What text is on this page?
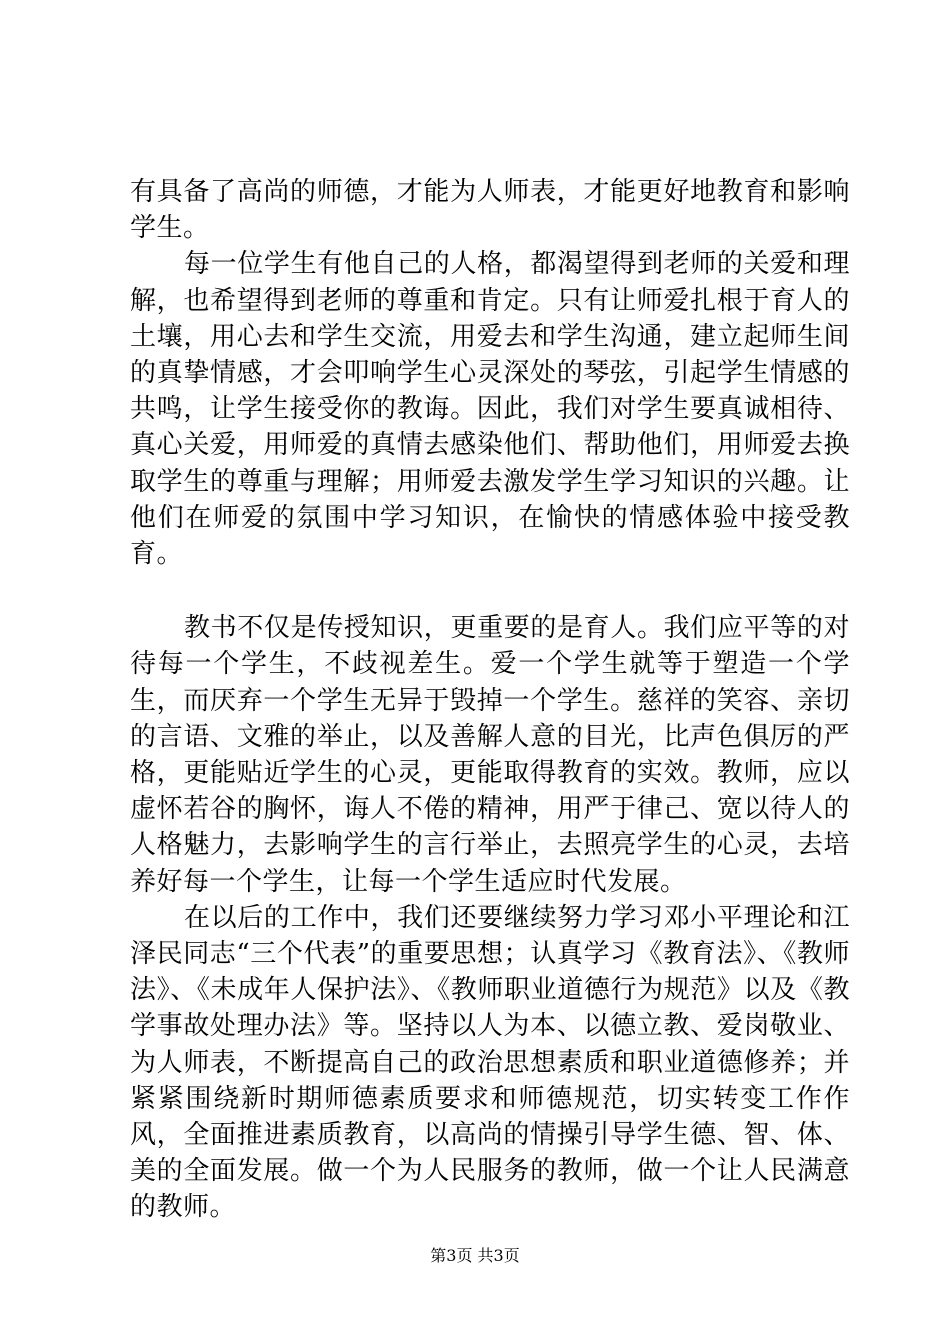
有具备了高尚的师德，才能为人师表，才能更好地教育和影响学生。

每一位学生有他自己的人格，都渴望得到老师的关爱和理解，也希望得到老师的尊重和肯定。只有让师爱扎根于育人的土壤，用心去和学生交流，用爱去和学生沟通，建立起师生间的真挚情感，才会叩响学生心灵深处的琴弦，引起学生情感的共鸣，让学生接受你的教诲。因此，我们对学生要真诚相待、真心关爱，用师爱的真情去感染他们、帮助他们，用师爱去换取学生的尊重与理解；用师爱去激发学生学习知识的兴趣。让他们在师爱的氛围中学习知识，在愉快的情感体验中接受教育。

教书不仅是传授知识，更重要的是育人。我们应平等的对待每一个学生，不歧视差生。爱一个学生就等于塑造一个学生，而厌弃一个学生无异于毁掉一个学生。慈祥的笑容、亲切的言语、文雅的举止，以及善解人意的目光，比声色俱厉的严格，更能贴近学生的心灵，更能取得教育的实效。教师，应以虚怀若谷的胸怀，诲人不倦的精神，用严于律己、宽以待人的人格魅力，去影响学生的言行举止，去照亮学生的心灵，去培养好每一个学生，让每一个学生适应时代发展。

在以后的工作中，我们还要继续努力学习邓小平理论和江泽民同志“三个代表”的重要思想；认真学习《教育法》、《教师法》、《未成年人保护法》、《教师职业道德行为规范》以及《教学事故处理办法》等。坚持以人为本、以德立教、爱岗敬业、为人师表，不断提高自己的政治思想素质和职业道德修养；并紧紧围绕新时期师德素质要求和师德规范，切实转变工作作风，全面推进素质教育，以高尚的情操引导学生德、智、体、美的全面发展。做一个为人民服务的教师，做一个让人民满意的教师。

第3页 共3页
